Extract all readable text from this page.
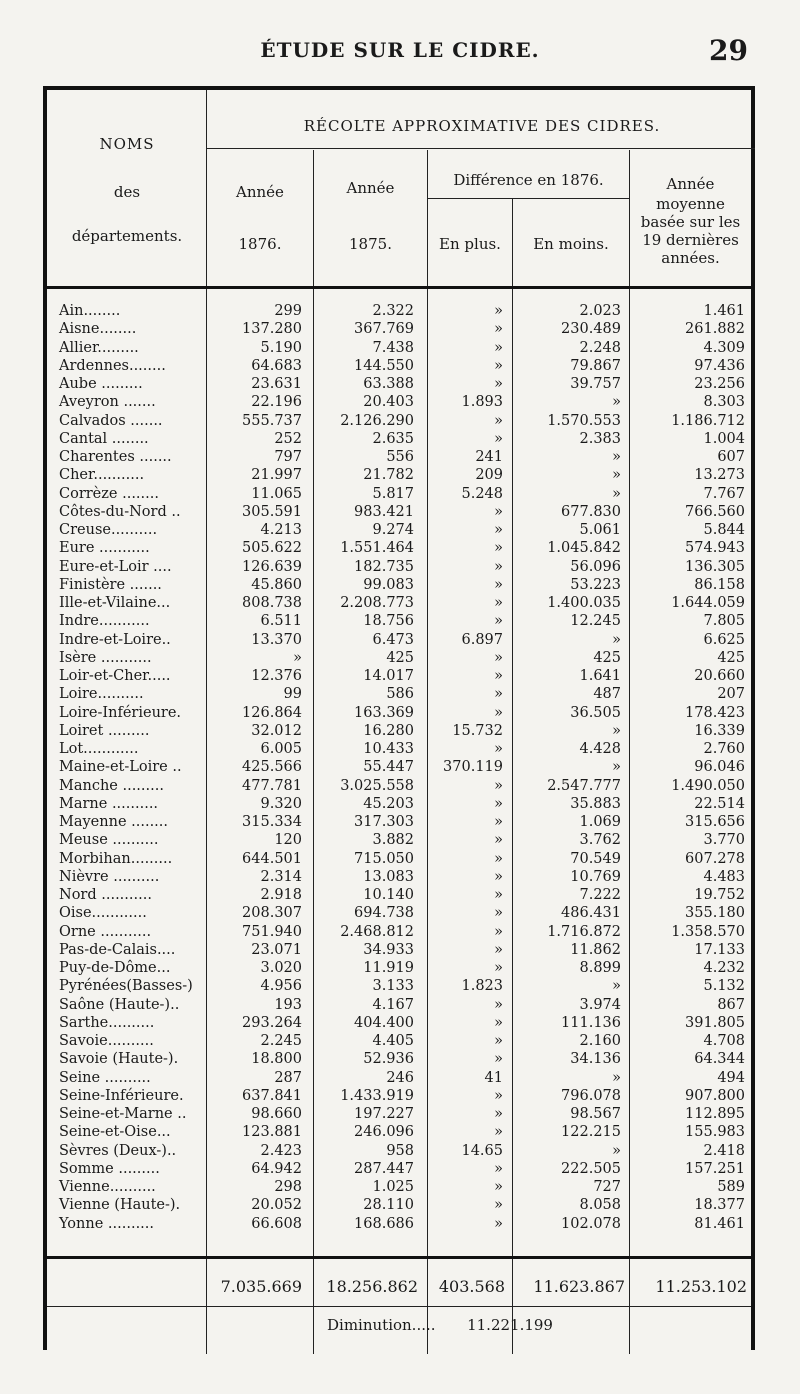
ÉTUDE SUR LE CIDRE.	29
NOMS
des
départements.
RÉCOLTE APPROXIMATIVE DES CIDRES.
Année
1876.
Année
1875.
Différence en 1876.
En plus.	En moins.
Année
moyenne
basée sur les
19 dernières
années.
Ain........	299	2.322	»	2.023	1.461
Aisne........	137.280	367.769	»	230.489	261.882
Allier.........	5.190	7.438	»	2.248	4.309
Ardennes........	64.683	144.550	»	79.867	97.436
Aube .........	23.631	63.388	»	39.757	23.256
Aveyron .......	22.196	20.403	1.893	»	8.303
Calvados .......	555.737	2.126.290	»	1.570.553	1.186.712
Cantal ........	252	2.635	»	2.383	1.004
Charentes .......	797	556	241	»	607
Cher...........	21.997	21.782	209	»	13.273
Corrèze ........	11.065	5.817	5.248	»	7.767
Côtes-du-Nord ..	305.591	983.421	»	677.830	766.560
Creuse..........	4.213	9.274	»	5.061	5.844
Eure ...........	505.622	1.551.464	»	1.045.842	574.943
Eure-et-Loir ....	126.639	182.735	»	56.096	136.305
Finistère .......	45.860	99.083	»	53.223	86.158
Ille-et-Vilaine...	808.738	2.208.773	»	1.400.035	1.644.059
Indre...........	6.511	18.756	»	12.245	7.805
Indre-et-Loire..	13.370	6.473	6.897	»	6.625
Isère ...........	»	425	»	425	425
Loir-et-Cher.....	12.376	14.017	»	1.641	20.660
Loire..........	99	586	»	487	207
Loire-Inférieure.	126.864	163.369	»	36.505	178.423
Loiret .........	32.012	16.280	15.732	»	16.339
Lot............	6.005	10.433	»	4.428	2.760
Maine-et-Loire ..	425.566	55.447	370.119	»	96.046
Manche .........	477.781	3.025.558	»	2.547.777	1.490.050
Marne ..........	9.320	45.203	»	35.883	22.514
Mayenne ........	315.334	317.303	»	1.069	315.656
Meuse ..........	120	3.882	»	3.762	3.770
Morbihan.........	644.501	715.050	»	70.549	607.278
Nièvre ..........	2.314	13.083	»	10.769	4.483
Nord ...........	2.918	10.140	»	7.222	19.752
Oise............	208.307	694.738	»	486.431	355.180
Orne ...........	751.940	2.468.812	»	1.716.872	1.358.570
Pas-de-Calais....	23.071	34.933	»	11.862	17.133
Puy-de-Dôme...	3.020	11.919	»	8.899	4.232
Pyrénées(Basses-)	4.956	3.133	1.823	»	5.132
Saône (Haute-)..	193	4.167	»	3.974	867
Sarthe..........	293.264	404.400	»	111.136	391.805
Savoie..........	2.245	4.405	»	2.160	4.708
Savoie (Haute-).	18.800	52.936	»	34.136	64.344
Seine ..........	287	246	41	»	494
Seine-Inférieure.	637.841	1.433.919	»	796.078	907.800
Seine-et-Marne ..	98.660	197.227	»	98.567	112.895
Seine-et-Oise...	123.881	246.096	»	122.215	155.983
Sèvres (Deux-)..	2.423	958	14.65	»	2.418
Somme .........	64.942	287.447	»	222.505	157.251
Vienne..........	298	1.025	»	727	589
Vienne (Haute-).	20.052	28.110	»	8.058	18.377
Yonne ..........	66.608	168.686	»	102.078	81.461
7.035.669	18.256.862	403.568	11.623.867	11.253.102
Diminution..... 11.221.199
